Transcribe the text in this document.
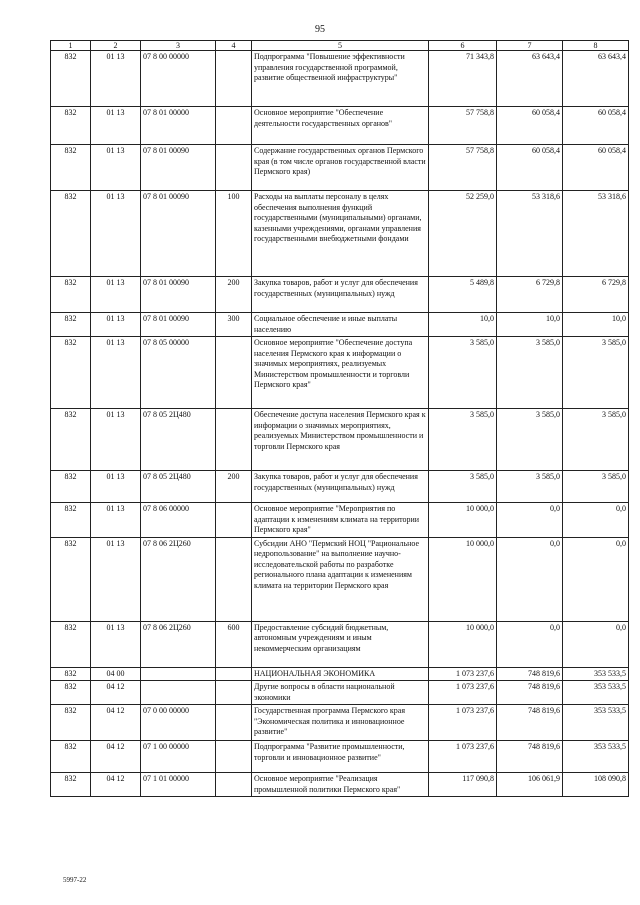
95
1	2	3	4	5	6	7	8
832	01 13	07 8 00 00000		Подпрограмма "Повышение эффективности управления государственной программой, развитие общественной инфраструктуры"	71 343,8	63 643,4	63 643,4
832	01 13	07 8 01 00000		Основное мероприятие "Обеспечение деятельности государственных органов"	57 758,8	60 058,4	60 058,4
832	01 13	07 8 01 00090		Содержание государственных органов Пермского края (в том числе органов государственной власти Пермского края)	57 758,8	60 058,4	60 058,4
832	01 13	07 8 01 00090	100	Расходы на выплаты персоналу в целях обеспечения выполнения функций государственными (муниципальными) органами, казенными учреждениями, органами управления государственными внебюджетными фондами	52 259,0	53 318,6	53 318,6
832	01 13	07 8 01 00090	200	Закупка товаров, работ и услуг для обеспечения государственных (муниципальных) нужд	5 489,8	6 729,8	6 729,8
832	01 13	07 8 01 00090	300	Социальное обеспечение и иные выплаты населению	10,0	10,0	10,0
832	01 13	07 8 05 00000		Основное мероприятие "Обеспечение доступа населения Пермского края к информации о значимых мероприятиях, реализуемых Министерством промышленности и торговли Пермского края"	3 585,0	3 585,0	3 585,0
832	01 13	07 8 05 2Ц480		Обеспечение доступа населения Пермского края к информации о значимых мероприятиях, реализуемых Министерством промышленности и торговли Пермского края	3 585,0	3 585,0	3 585,0
832	01 13	07 8 05 2Ц480	200	Закупка товаров, работ и услуг для обеспечения государственных (муниципальных) нужд	3 585,0	3 585,0	3 585,0
832	01 13	07 8 06 00000		Основное мероприятие "Мероприятия по адаптации к изменениям климата на территории Пермского края"	10 000,0	0,0	0,0
832	01 13	07 8 06 2Ц260		Субсидии АНО "Пермский НОЦ "Рациональное недропользование" на выполнение научно-исследовательской работы по разработке регионального плана адаптации к изменениям климата на территории Пермского края	10 000,0	0,0	0,0
832	01 13	07 8 06 2Ц260	600	Предоставление субсидий бюджетным, автономным учреждениям и иным некоммерческим организациям	10 000,0	0,0	0,0
832	04 00			НАЦИОНАЛЬНАЯ ЭКОНОМИКА	1 073 237,6	748 819,6	353 533,5
832	04 12			Другие вопросы в области национальной экономики	1 073 237,6	748 819,6	353 533,5
832	04 12	07 0 00 00000		Государственная программа Пермского края "Экономическая политика и инновационное развитие"	1 073 237,6	748 819,6	353 533,5
832	04 12	07 1 00 00000		Подпрограмма "Развитие промышленности, торговли и инновационное развитие"	1 073 237,6	748 819,6	353 533,5
832	04 12	07 1 01 00000		Основное мероприятие "Реализация промышленной политики Пермского края"	117 090,8	106 061,9	108 090,8
5997-22
